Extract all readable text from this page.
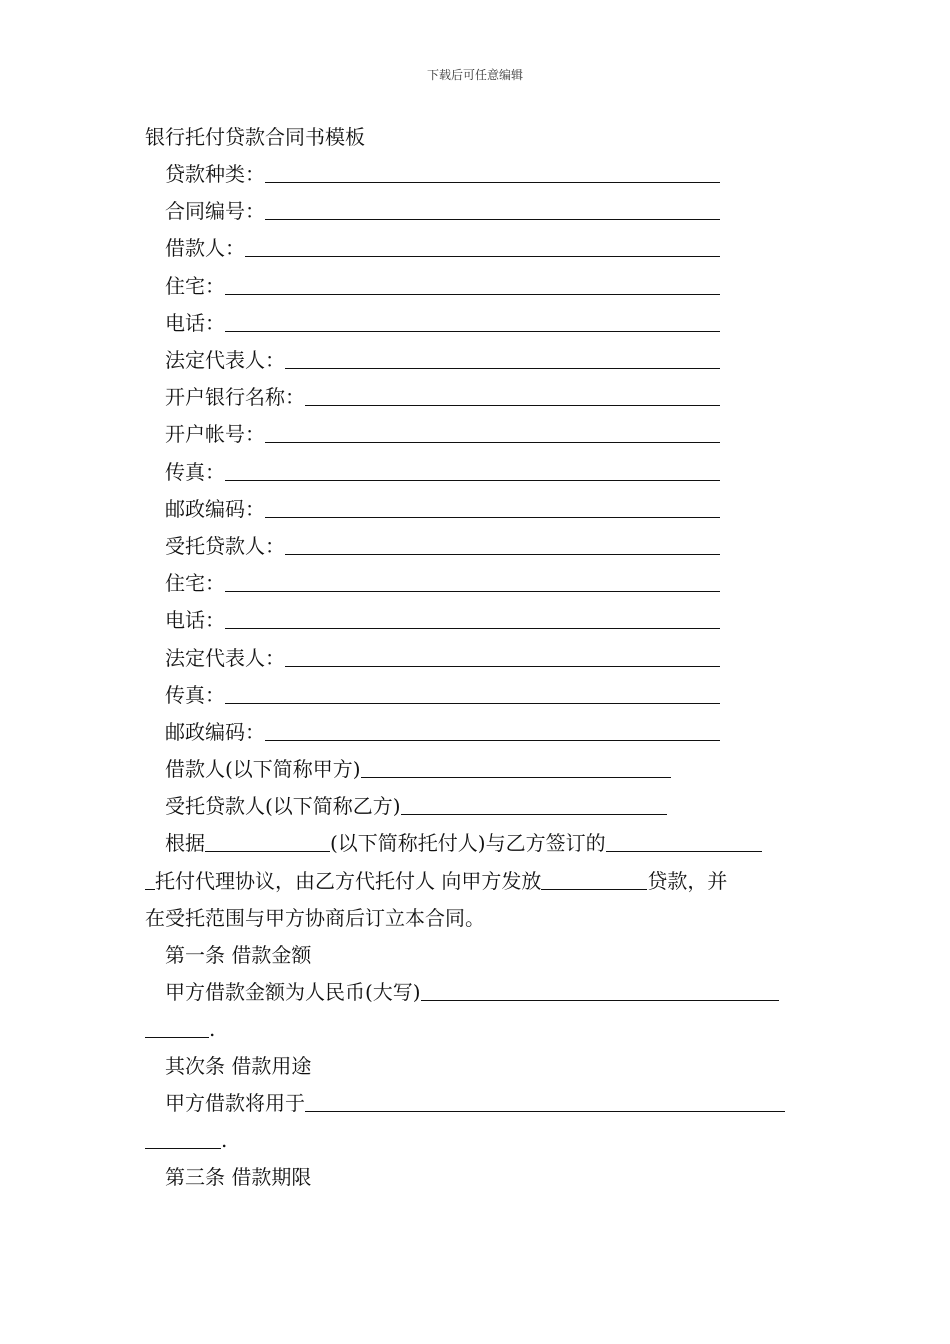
下载后可任意编辑
银行托付贷款合同书模板
贷款种类：
合同编号：
借款人：
住宅：
电话：
法定代表人：
开户银行名称：
开户帐号：
传真：
邮政编码：
受托贷款人：
住宅：
电话：
法定代表人：
传真：
邮政编码：
借款人(以下简称甲方)
受托贷款人(以下简称乙方)
根据	(以下简称托付人)与乙方签订的
托付代理协议，由乙方代托付人 向甲方发放	贷款，并
在受托范围与甲方协商后订立本合同。
第一条 借款金额
甲方借款金额为人民币(大写)
.
其次条 借款用途
甲方借款将用于
.
第三条 借款期限
